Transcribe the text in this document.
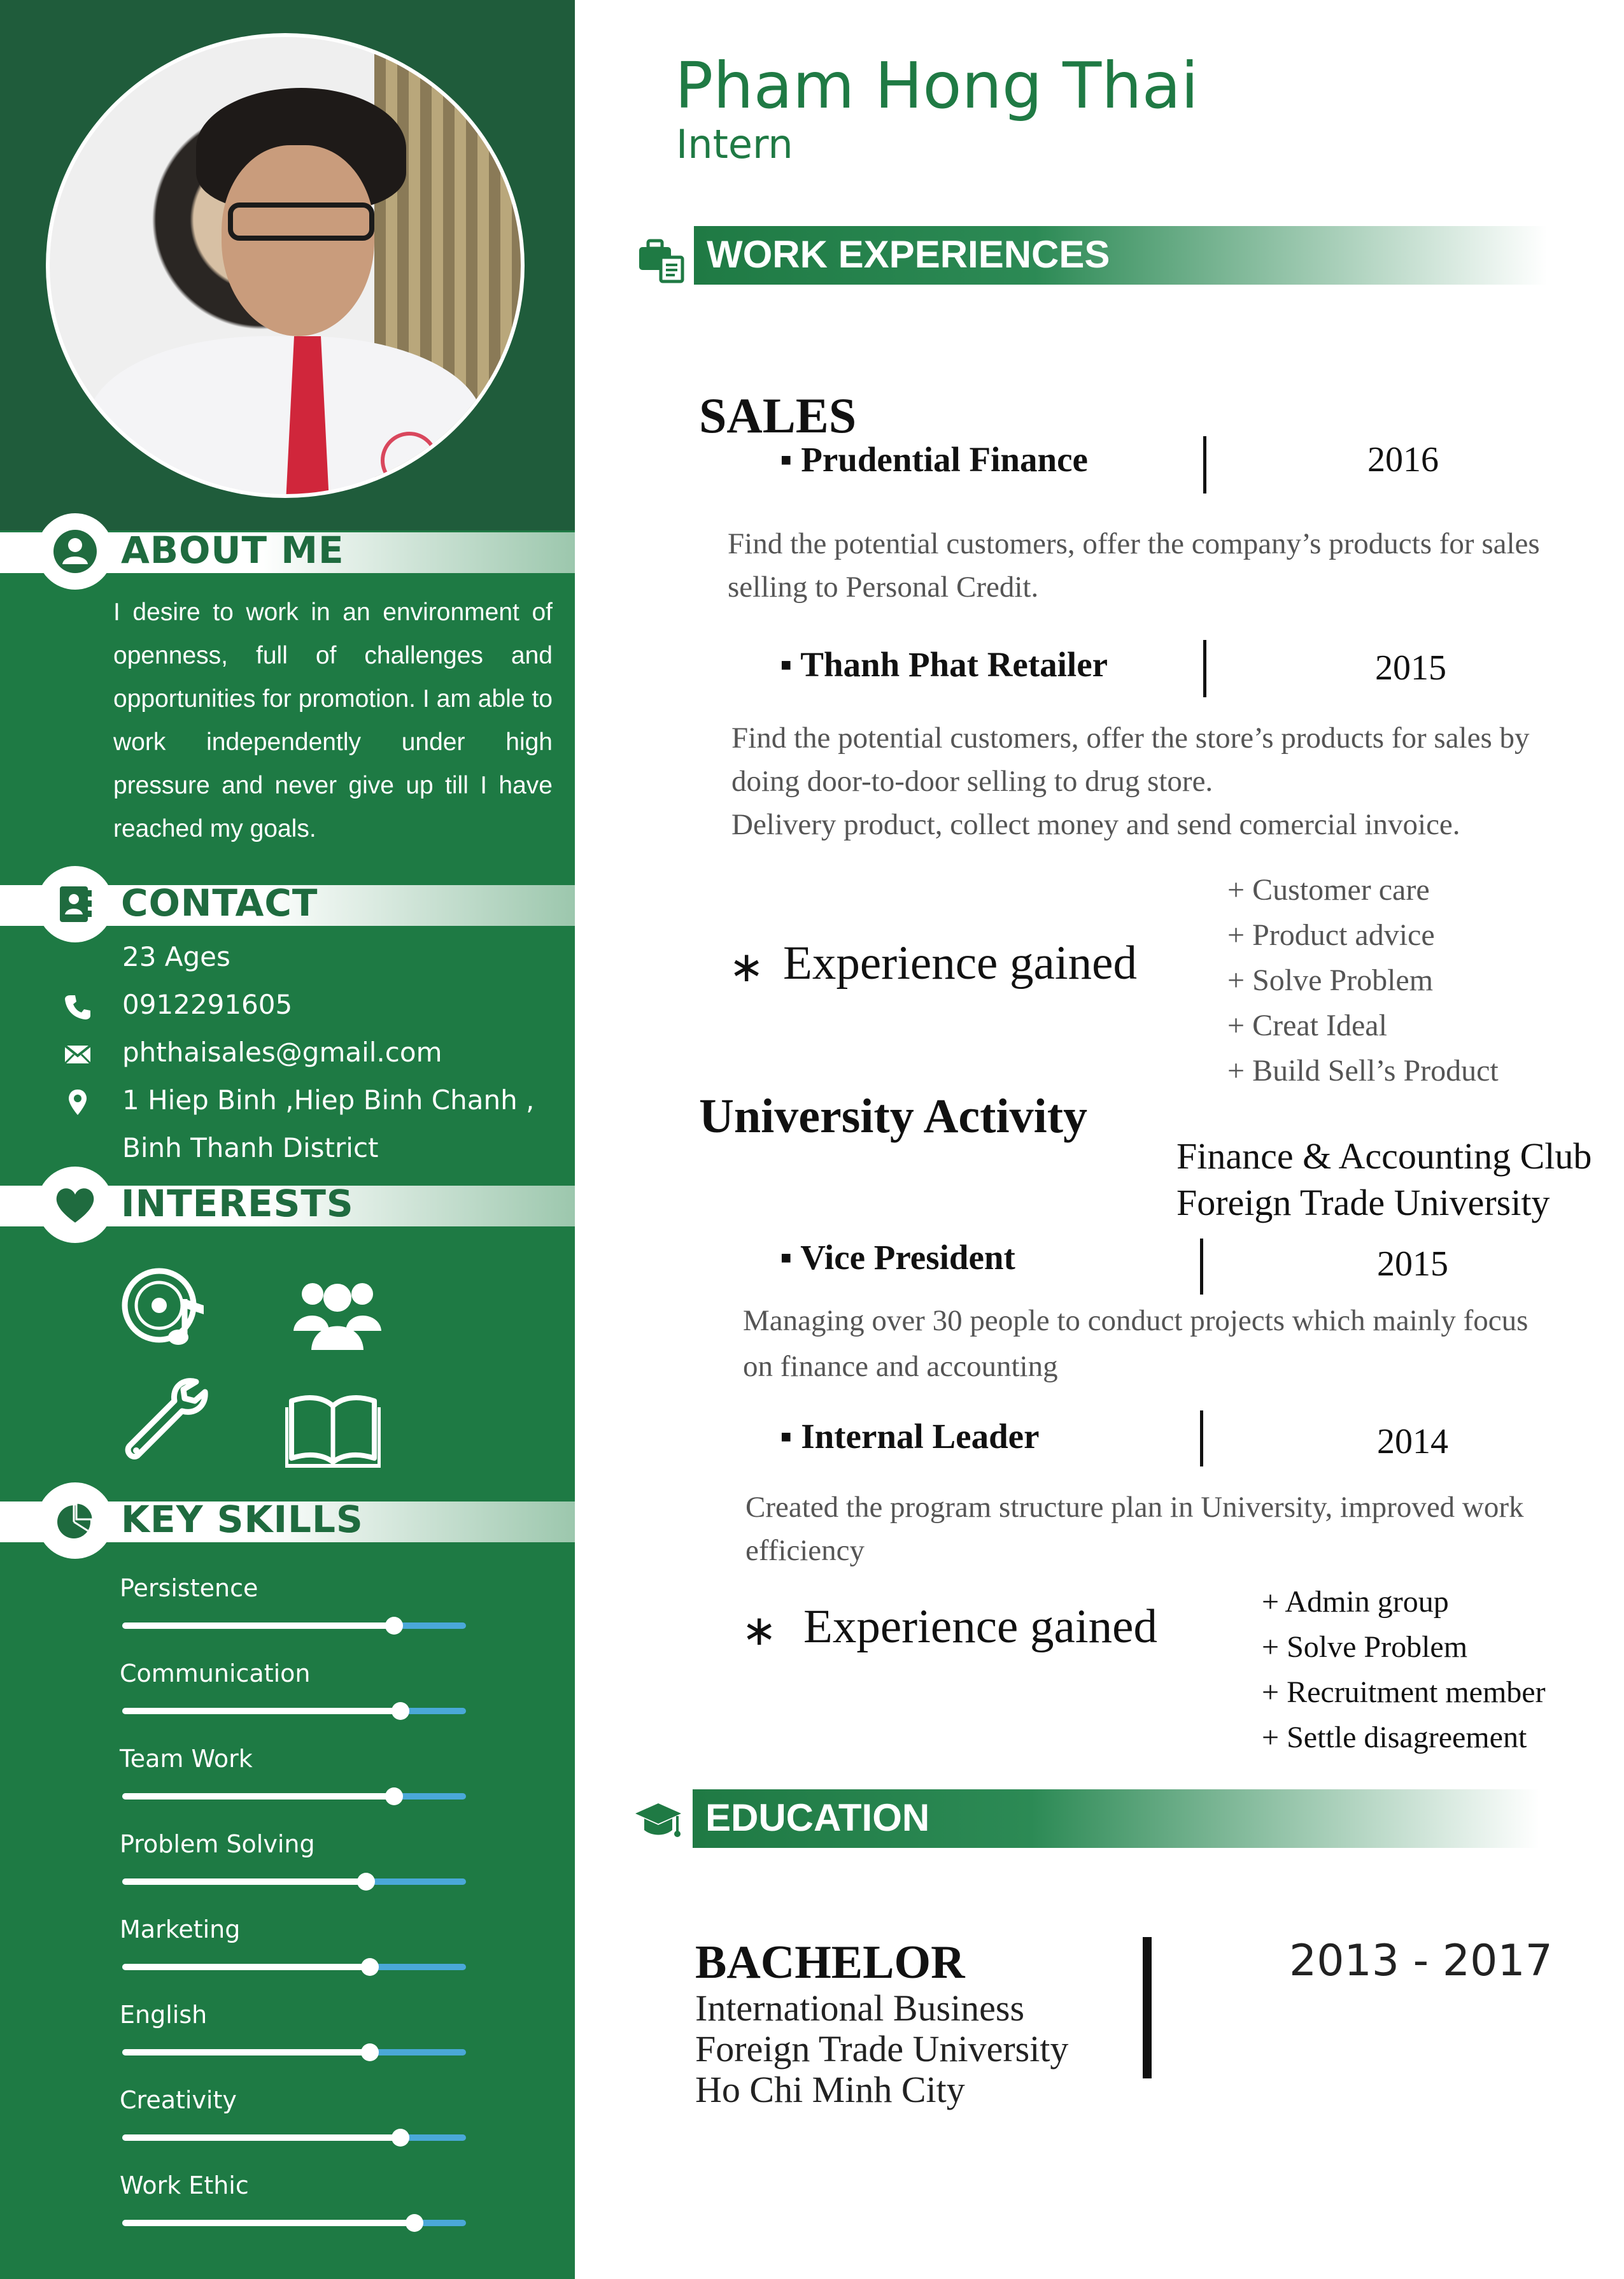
ABOUT ME
I desire to work in an environment of openness, full of challenges and opportunities for promotion. I am able to work independently under high pressure and never give up till I have reached my goals.
CONTACT
23 Ages
0912291605
phthaisales@gmail.com
1 Hiep Binh ,Hiep Binh Chanh ,
Binh Thanh District
INTERESTS
KEY SKILLS
Persistence
Communication
Team Work
Problem Solving
Marketing
English
Creativity
Work Ethic
Pham Hong Thai
Intern
WORK EXPERIENCES
SALES
▪ Prudential Finance	2016
Find the potential customers, offer the company’s products for sales selling to Personal Credit.
▪ Thanh Phat Retailer	2015
Find the potential customers, offer the store’s products for sales by
doing door-to-door selling to drug store.
Delivery product, collect money and send comercial invoice.
∗ Experience gained
+ Customer care
+ Product advice
+ Solve Problem
+ Creat Ideal
+ Build Sell’s Product
University Activity
Finance & Accounting Club
Foreign Trade University
▪ Vice President	2015
Managing over 30 people to conduct projects which mainly focus
on finance and accounting
▪ Internal Leader	2014
Created the program structure plan in University, improved work
efficiency
∗ Experience gained	+ Admin group
+ Solve Problem
+ Recruitment member
+ Settle disagreement
EDUCATION
BACHELOR
International Business
Foreign Trade University
Ho Chi Minh City
2013 - 2017
